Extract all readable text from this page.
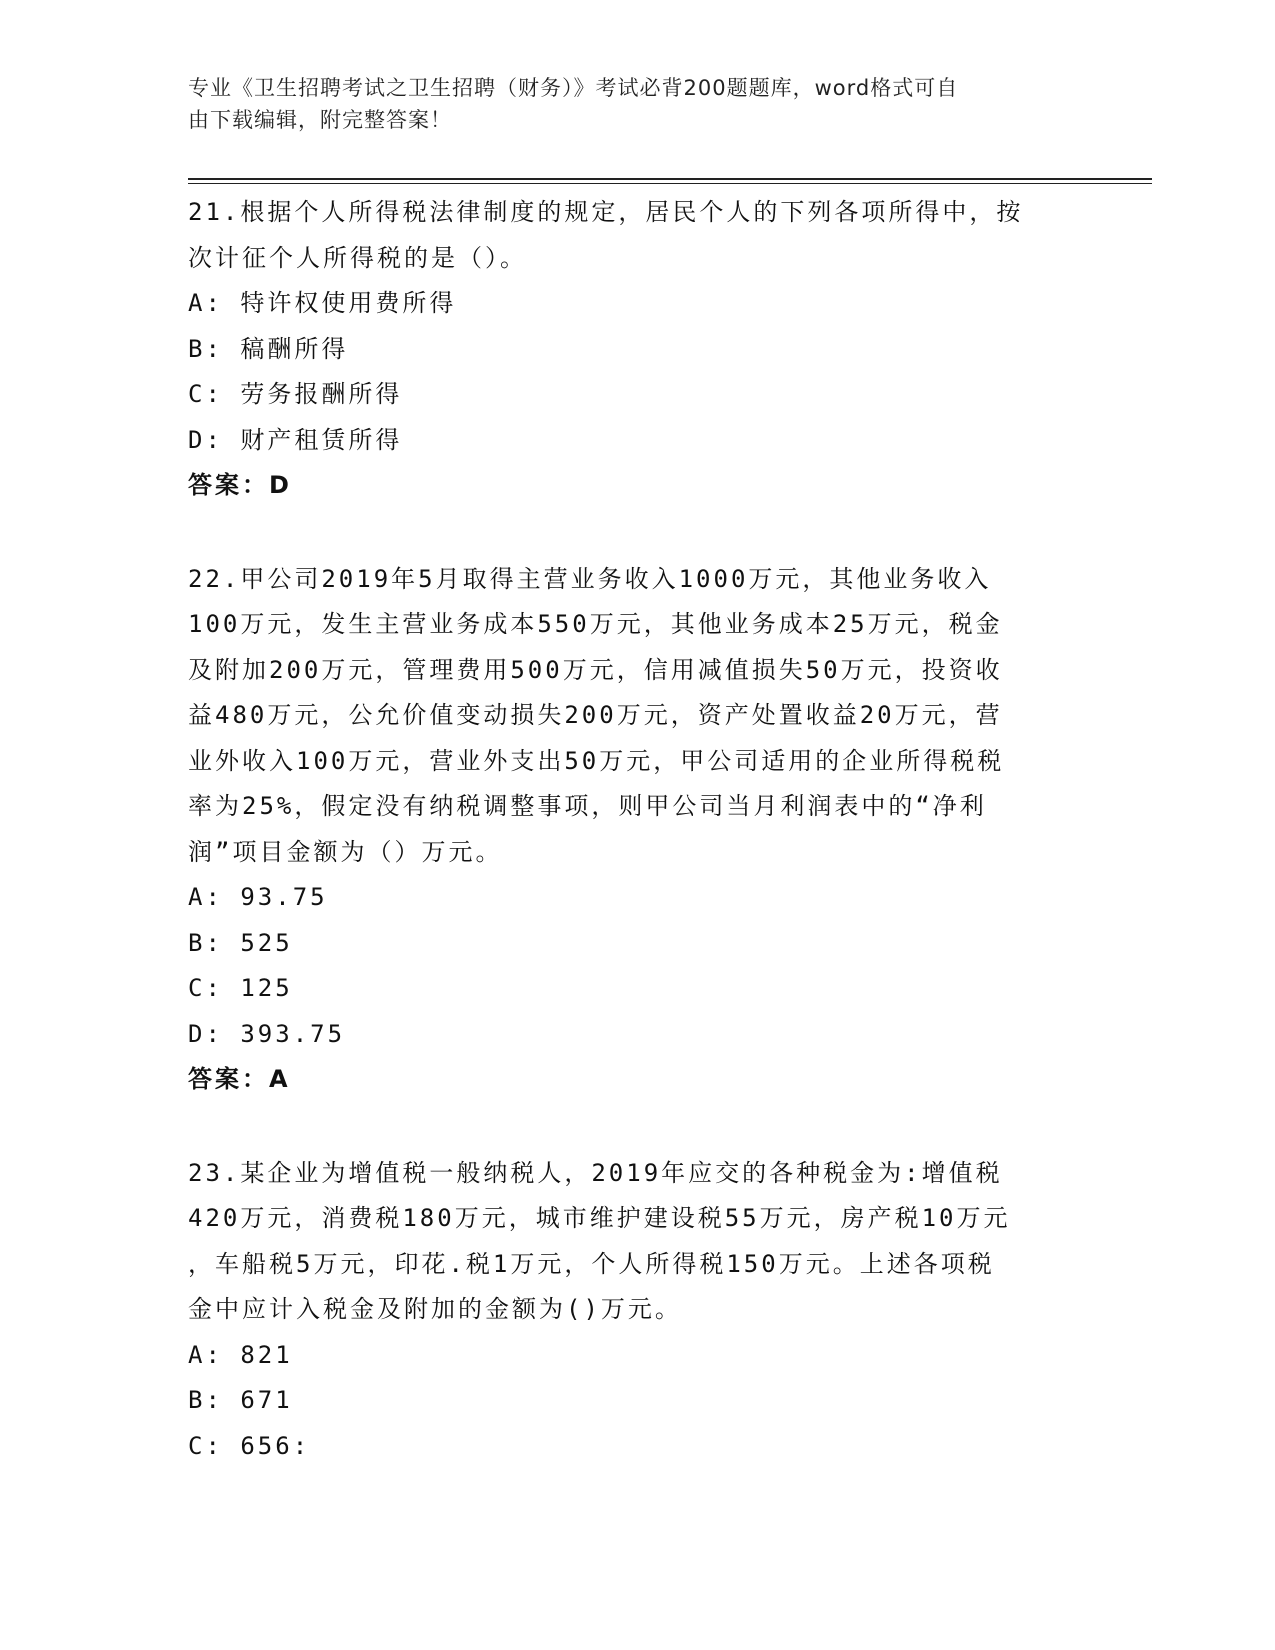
专业《卫生招聘考试之卫生招聘（财务）》考试必背200题题库，word格式可自
由下载编辑，附完整答案！

21.根据个人所得税法律制度的规定，居民个人的下列各项所得中，按
次计征个人所得税的是（）。

A: 特许权使用费所得

B: 稿酬所得

C: 劳务报酬所得

D: 财产租赁所得

答案：D

22.甲公司2019年5月取得主营业务收入1000万元，其他业务收入
100万元，发生主营业务成本550万元，其他业务成本25万元，税金
及附加200万元，管理费用500万元，信用减值损失50万元，投资收
益480万元，公允价值变动损失200万元，资产处置收益20万元，营
业外收入100万元，营业外支出50万元，甲公司适用的企业所得税税
率为25%，假定没有纳税调整事项，则甲公司当月利润表中的“净利
润”项目金额为（）万元。

A: 93.75

B: 525

C: 125

D: 393.75

答案：A

23.某企业为增值税一般纳税人，2019年应交的各种税金为:增值税
420万元，消费税180万元，城市维护建设税55万元，房产税10万元
，车船税5万元，印花.税1万元，个人所得税150万元。上述各项税
金中应计入税金及附加的金额为()万元。

A: 821

B: 671

C: 656:
